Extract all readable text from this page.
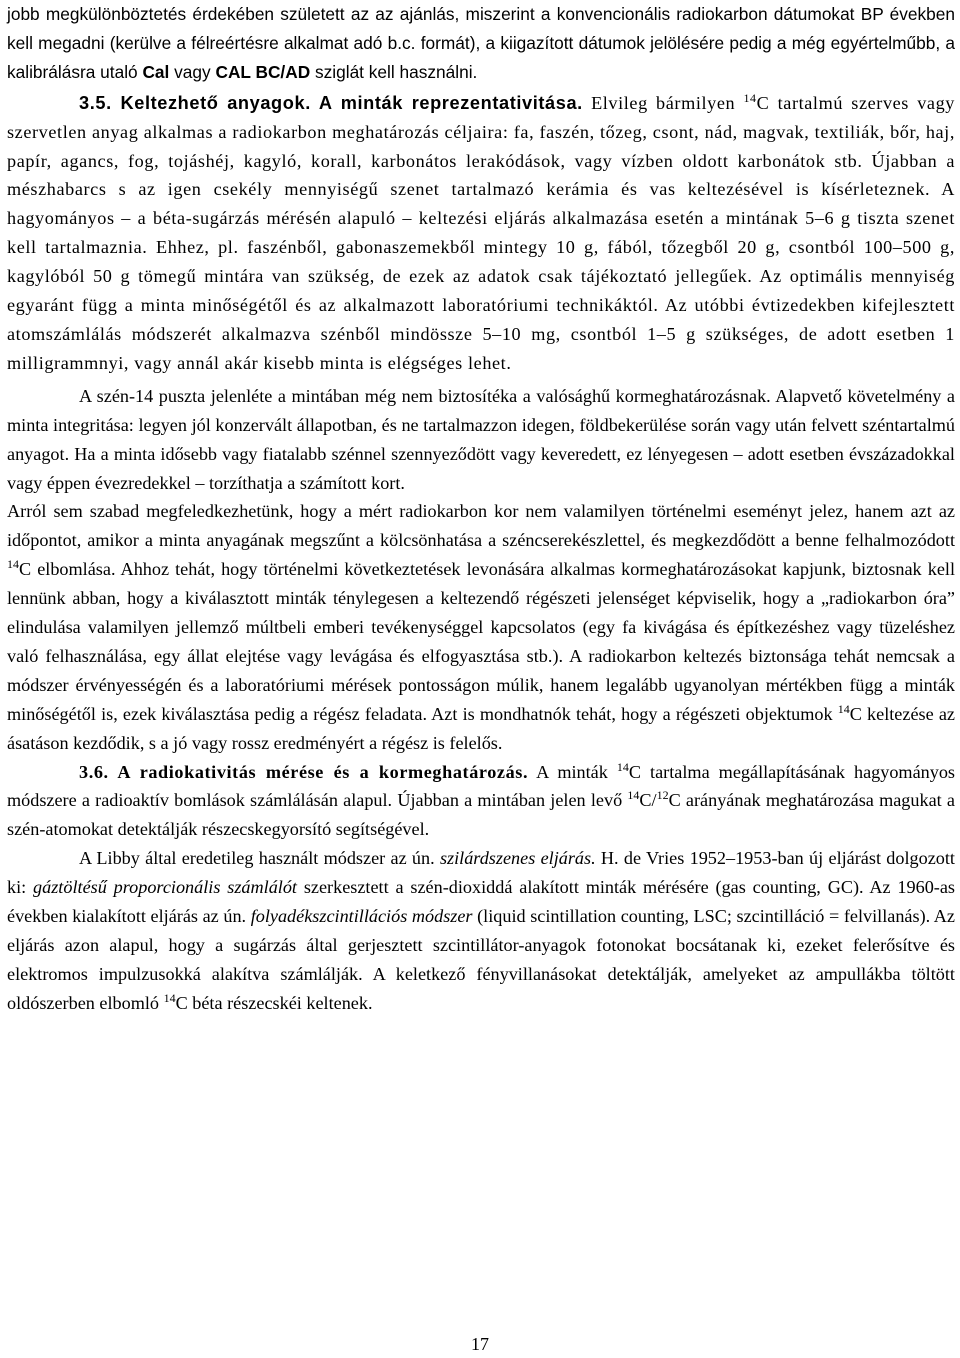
jobb megkülönböztetés érdekében született az az ajánlás, miszerint a konvencionális radiokarbon dátumokat BP években kell megadni (kerülve a félreértésre alkalmat adó b.c. formát), a kiigazított dátumok jelölésére pedig a még egyértelműbb, a kalibrálásra utaló Cal vagy CAL BC/AD sziglát kell használni.

3.5. Keltezhető anyagok. A minták reprezentativitása. Elvileg bármilyen $^{14}$C tartalmú szerves vagy szervetlen anyag alkalmas a radiokarbon meghatározás céljaira: fa, faszén, tőzeg, csont, nád, magvak, textiliák, bőr, haj, papír, agancs, fog, tojáshéj, kagyló, korall, karbonátos lerakódások, vagy vízben oldott karbonátok stb. Újabban a mészhabarcs s az igen csekély mennyiségű szenet tartalmazó kerámia és vas keltezésével is kísérleteznek. A hagyományos – a béta-sugárzás mérésén alapuló – keltezési eljárás alkalmazása esetén a mintának 5–6 g tiszta szenet kell tartalmaznia. Ehhez, pl. faszénből, gabonaszemekből mintegy 10 g, fából, tőzegből 20 g, csontból 100–500 g, kagylóból 50 g tömegű mintára van szükség, de ezek az adatok csak tájékoztató jellegűek. Az optimális mennyiség egyaránt függ a minta minőségétől és az alkalmazott laboratóriumi technikáktól. Az utóbbi évtizedekben kifejlesztett atomszámlálás módszerét alkalmazva szénből mindössze 5–10 mg, csontból 1–5 g szükséges, de adott esetben 1 milligrammnyi, vagy annál akár kisebb minta is elégséges lehet.

A szén-14 puszta jelenléte a mintában még nem biztosítéka a valósághű kormeghatározásnak. Alapvető követelmény a minta integritása: legyen jól konzervált állapotban, és ne tartalmazzon idegen, földbekerülése során vagy után felvett széntartalmú anyagot. Ha a minta idősebb vagy fiatalabb szénnel szennyeződött vagy keveredett, ez lényegesen – adott esetben évszázadokkal vagy éppen évezredekkel – torzíthatja a számított kort.

Arról sem szabad megfeledkezhetünk, hogy a mért radiokarbon kor nem valamilyen történelmi eseményt jelez, hanem azt az időpontot, amikor a minta anyagának megszűnt a kölcsönhatása a széncserekészlettel, és megkezdődött a benne felhalmozódott $^{14}$C elbomlása. Ahhoz tehát, hogy történelmi következtetések levonására alkalmas kormeghatározásokat kapjunk, biztosnak kell lennünk abban, hogy a kiválasztott minták ténylegesen a keltezendő régészeti jelenséget képviselik, hogy a „radiokarbon óra” elindulása valamilyen jellemző múltbeli emberi tevékenységgel kapcsolatos (egy fa kivágása és építkezéshez vagy tüzeléshez való felhasználása, egy állat elejtése vagy levágása és elfogyasztása stb.). A radiokarbon keltezés biztonsága tehát nemcsak a módszer érvényességén és a laboratóriumi mérések pontosságon múlik, hanem legalább ugyanolyan mértékben függ a minták minőségétől is, ezek kiválasztása pedig a régész feladata. Azt is mondhatnók tehát, hogy a régészeti objektumok $^{14}$C keltezése az ásatáson kezdődik, s a jó vagy rossz eredményért a régész is felelős.

3.6. A radiokativitás mérése és a kormeghatározás. A minták $^{14}$C tartalma megállapításának hagyományos módszere a radioaktív bomlások számlálásán alapul. Újabban a mintában jelen levő $^{14}$C/$^{12}$C arányának meghatározása magukat a szén-atomokat detektálják részecskegyorsító segítségével.

A Libby által eredetileg használt módszer az ún. szilárdszenes eljárás. H. de Vries 1952–1953-ban új eljárást dolgozott ki: gáztöltésű proporcionális számlálót szerkesztett a szén-dioxiddá alakított minták mérésére (gas counting, GC). Az 1960-as években kialakított eljárás az ún. folyadékszcintillációs módszer (liquid scintillation counting, LSC; szcintilláció = felvillanás). Az eljárás azon alapul, hogy a sugárzás által gerjesztett szcintillátor-anyagok fotonokat bocsátanak ki, ezeket felerősítve és elektromos impulzusokká alakítva számlálják. A keletkező fényvillanásokat detektálják, amelyeket az ampullákba töltött oldószerben elbomló $^{14}$C béta részecskéi keltenek.

17
